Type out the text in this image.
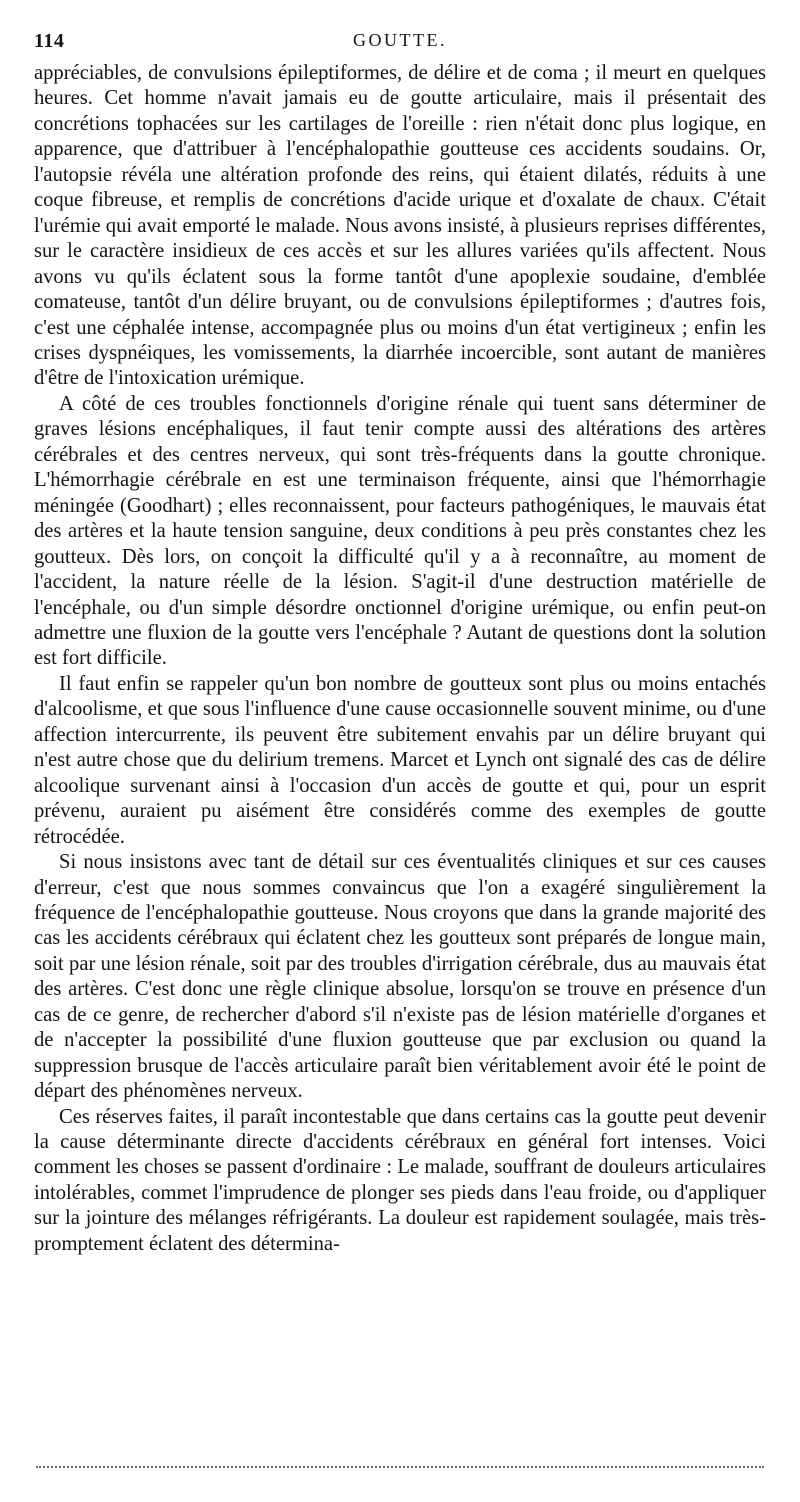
114	GOUTTE.

appréciables, de convulsions épileptiformes, de délire et de coma ; il meurt en quelques heures. Cet homme n'avait jamais eu de goutte articulaire, mais il présentait des concrétions tophacées sur les cartilages de l'oreille : rien n'était donc plus logique, en apparence, que d'attribuer à l'encéphalopathie goutteuse ces accidents soudains. Or, l'autopsie révéla une altération profonde des reins, qui étaient dilatés, réduits à une coque fibreuse, et remplis de concrétions d'acide urique et d'oxalate de chaux. C'était l'urémie qui avait emporté le malade. Nous avons insisté, à plusieurs reprises différentes, sur le caractère insidieux de ces accès et sur les allures variées qu'ils affectent. Nous avons vu qu'ils éclatent sous la forme tantôt d'une apoplexie soudaine, d'emblée comateuse, tantôt d'un délire bruyant, ou de convulsions épileptiformes ; d'autres fois, c'est une céphalée intense, accompagnée plus ou moins d'un état vertigineux ; enfin les crises dyspnéiques, les vomissements, la diarrhée incoercible, sont autant de manières d'être de l'intoxication urémique.

A côté de ces troubles fonctionnels d'origine rénale qui tuent sans déterminer de graves lésions encéphaliques, il faut tenir compte aussi des altérations des artères cérébrales et des centres nerveux, qui sont très-fréquents dans la goutte chronique. L'hémorrhagie cérébrale en est une terminaison fréquente, ainsi que l'hémorrhagie méningée (Goodhart) ; elles reconnaissent, pour facteurs pathogéniques, le mauvais état des artères et la haute tension sanguine, deux conditions à peu près constantes chez les goutteux. Dès lors, on conçoit la difficulté qu'il y a à reconnaître, au moment de l'accident, la nature réelle de la lésion. S'agit-il d'une destruction matérielle de l'encéphale, ou d'un simple désordre onctionnel d'origine urémique, ou enfin peut-on admettre une fluxion de la goutte vers l'encéphale ? Autant de questions dont la solution est fort difficile.

Il faut enfin se rappeler qu'un bon nombre de goutteux sont plus ou moins entachés d'alcoolisme, et que sous l'influence d'une cause occasionnelle souvent minime, ou d'une affection intercurrente, ils peuvent être subitement envahis par un délire bruyant qui n'est autre chose que du delirium tremens. Marcet et Lynch ont signalé des cas de délire alcoolique survenant ainsi à l'occasion d'un accès de goutte et qui, pour un esprit prévenu, auraient pu aisément être considérés comme des exemples de goutte rétrocédée.

Si nous insistons avec tant de détail sur ces éventualités cliniques et sur ces causes d'erreur, c'est que nous sommes convaincus que l'on a exagéré singulièrement la fréquence de l'encéphalopathie goutteuse. Nous croyons que dans la grande majorité des cas les accidents cérébraux qui éclatent chez les goutteux sont préparés de longue main, soit par une lésion rénale, soit par des troubles d'irrigation cérébrale, dus au mauvais état des artères. C'est donc une règle clinique absolue, lorsqu'on se trouve en présence d'un cas de ce genre, de rechercher d'abord s'il n'existe pas de lésion matérielle d'organes et de n'accepter la possibilité d'une fluxion goutteuse que par exclusion ou quand la suppression brusque de l'accès articulaire paraît bien véritablement avoir été le point de départ des phénomènes nerveux.

Ces réserves faites, il paraît incontestable que dans certains cas la goutte peut devenir la cause déterminante directe d'accidents cérébraux en général fort intenses. Voici comment les choses se passent d'ordinaire : Le malade, souffrant de douleurs articulaires intolérables, commet l'imprudence de plonger ses pieds dans l'eau froide, ou d'appliquer sur la jointure des mélanges réfrigérants. La douleur est rapidement soulagée, mais très-promptement éclatent des détermina-
